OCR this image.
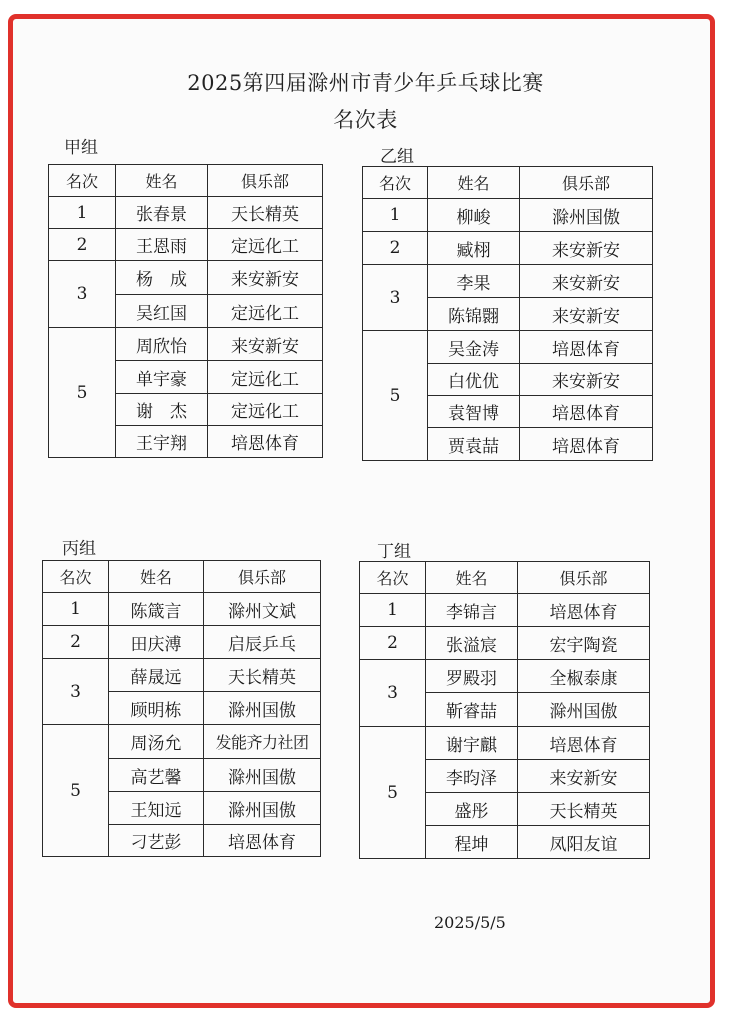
2025第四届滁州市青少年乒乓球比赛
名次表
甲组
名次	姓名	俱乐部
1	张春景	天长精英
2	王恩雨	定远化工
3	杨　成	来安新安
	吴红国	定远化工
5	周欣怡	来安新安
	单宇豪	定远化工
	谢　杰	定远化工
	王宇翔	培恩体育
乙组
名次	姓名	俱乐部
1	柳峻	滁州国傲
2	臧栩	来安新安
3	李果	来安新安
	陈锦翾	来安新安
5	吴金涛	培恩体育
	白优优	来安新安
	袁智博	培恩体育
	贾袁喆	培恩体育
丙组
名次	姓名	俱乐部
1	陈箴言	滁州文斌
2	田庆溥	启辰乒乓
3	薛晟远	天长精英
	顾明栋	滁州国傲
5	周汤允	发能齐力社团
	高艺馨	滁州国傲
	王知远	滁州国傲
	刁艺彭	培恩体育
丁组
名次	姓名	俱乐部
1	李锦言	培恩体育
2	张溢宸	宏宇陶瓷
3	罗殿羽	全椒泰康
	靳睿喆	滁州国傲
5	谢宇麒	培恩体育
	李昀泽	来安新安
	盛彤	天长精英
	程坤	凤阳友谊
2025/5/5
